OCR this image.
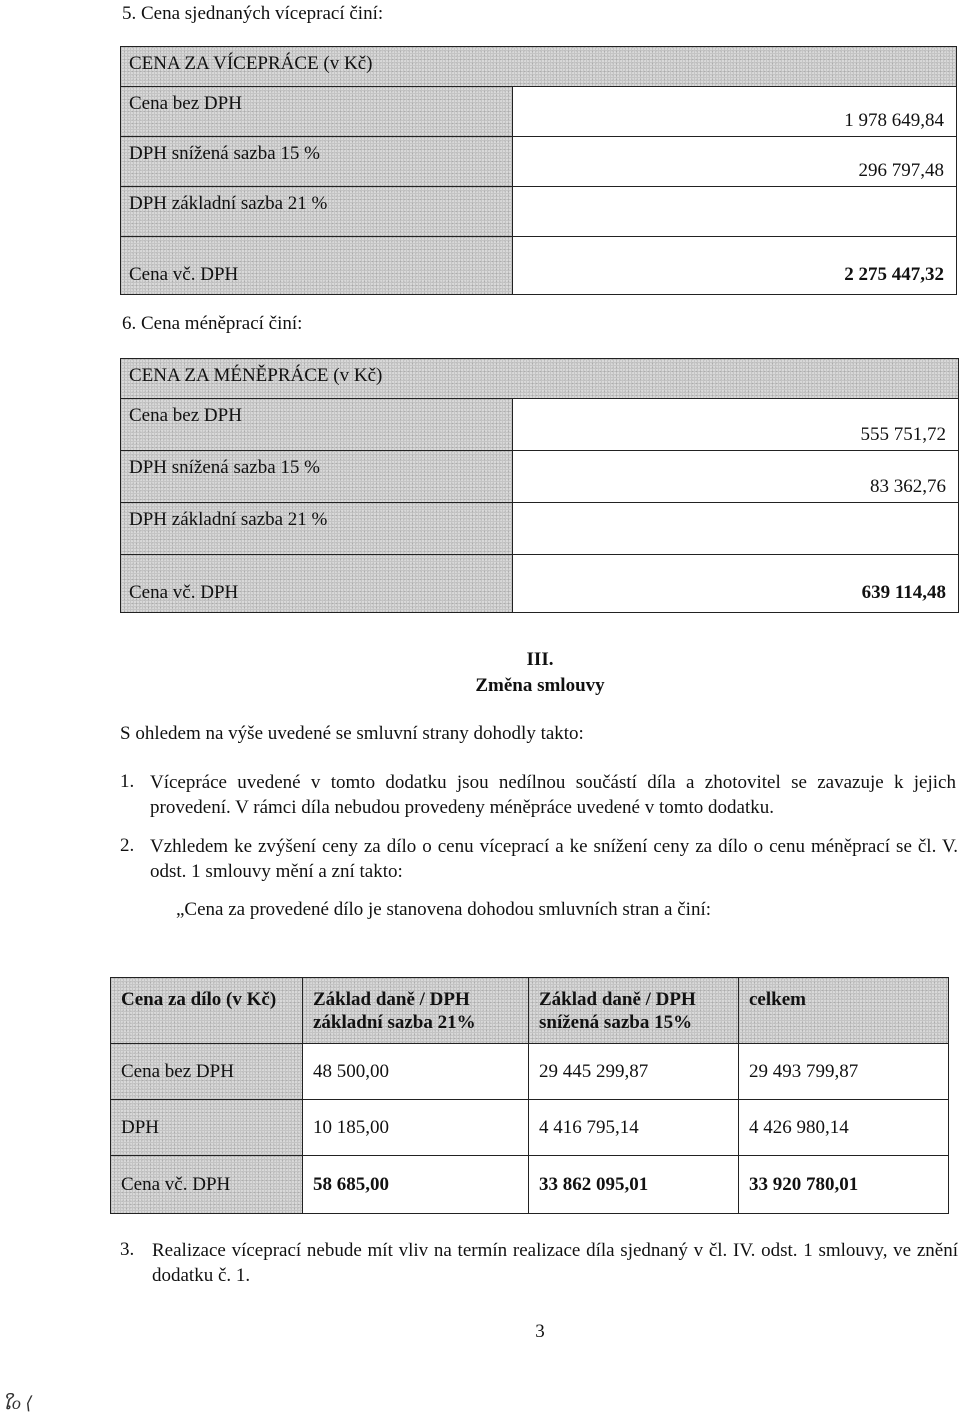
5. Cena sjednaných víceprací činí:
CENA ZA VÍCEPRÁCE (v Kč)	
Cena bez DPH	1 978 649,84
DPH snížená sazba 15 %	296 797,48
DPH základní sazba 21 %	
Cena vč. DPH	2 275 447,32
6. Cena méněprací činí:
CENA ZA MÉNĚPRÁCE (v Kč)	
Cena bez DPH	555 751,72
DPH snížená sazba 15 %	83 362,76
DPH základní sazba 21 %	
Cena vč. DPH	639 114,48
III.
Změna smlouvy
S ohledem na výše uvedené se smluvní strany dohodly takto:
1. Vícepráce uvedené v tomto dodatku jsou nedílnou součástí díla a zhotovitel se zavazuje k jejich provedení. V rámci díla nebudou provedeny méněpráce uvedené v tomto dodatku.
2. Vzhledem ke zvýšení ceny za dílo o cenu víceprací a ke snížení ceny za dílo o cenu méněprací se čl. V. odst. 1 smlouvy mění a zní takto:
„Cena za provedené dílo je stanovena dohodou smluvních stran a činí:
Cena za dílo (v Kč)	Základ daně / DPH základní sazba 21%	Základ daně / DPH snížená sazba 15%	celkem
Cena bez DPH	48 500,00	29 445 299,87	29 493 799,87
DPH	10 185,00	4 416 795,14	4 426 980,14
Cena vč. DPH	58 685,00	33 862 095,01	33 920 780,01
3. Realizace víceprací nebude mít vliv na termín realizace díla sjednaný v čl. IV. odst. 1 smlouvy, ve znění dodatku č. 1.
3
ໃo ⟨
